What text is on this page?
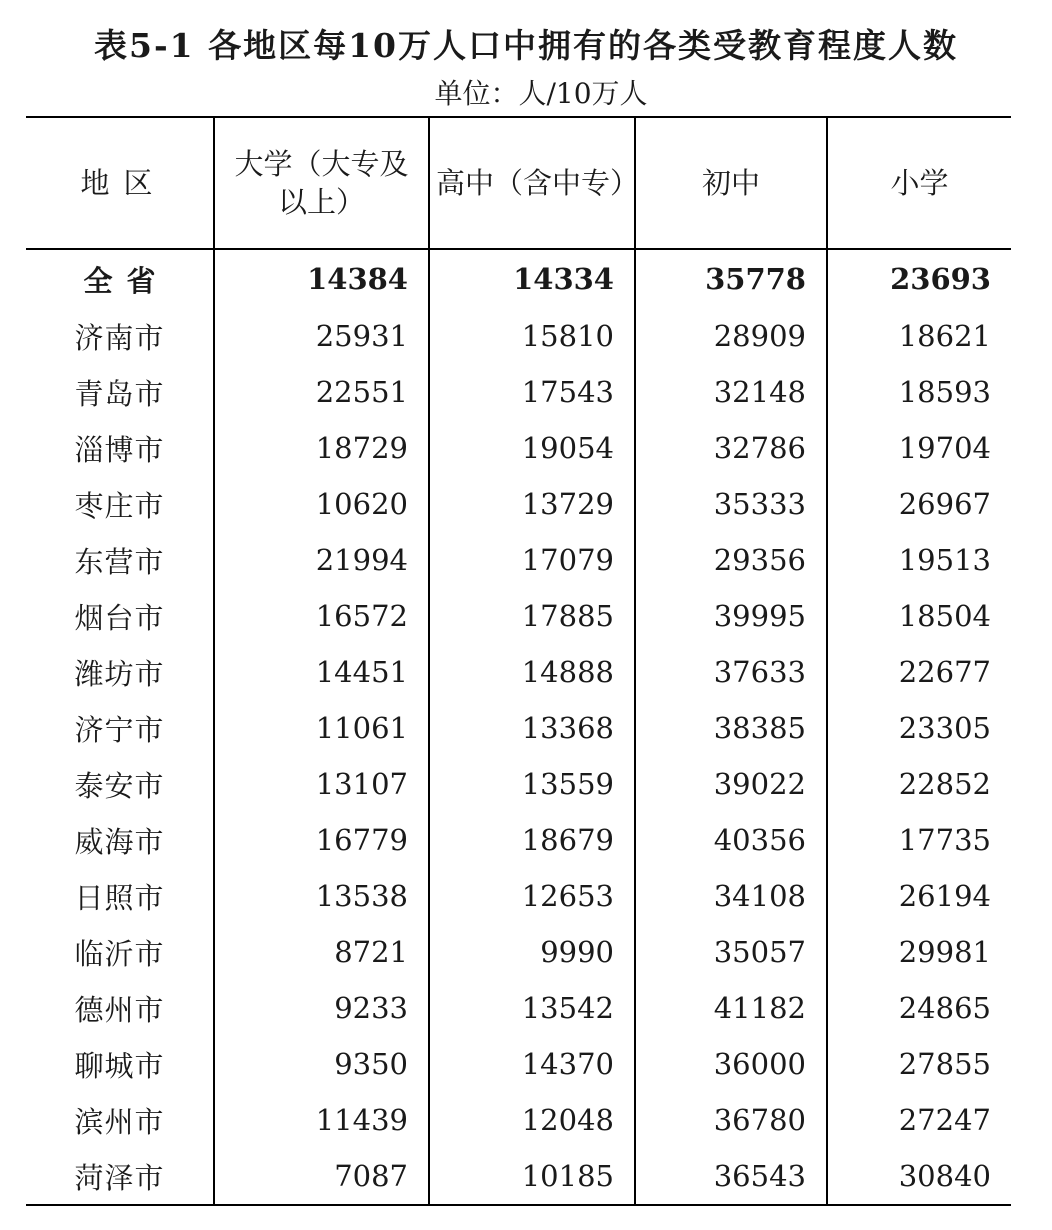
表5-1 各地区每10万人口中拥有的各类受教育程度人数
单位：人/10万人
地区	大学（大专及以上）	高中（含中专）	初中	小学
全省	14384	14334	35778	23693
济南市	25931	15810	28909	18621
青岛市	22551	17543	32148	18593
淄博市	18729	19054	32786	19704
枣庄市	10620	13729	35333	26967
东营市	21994	17079	29356	19513
烟台市	16572	17885	39995	18504
潍坊市	14451	14888	37633	22677
济宁市	11061	13368	38385	23305
泰安市	13107	13559	39022	22852
威海市	16779	18679	40356	17735
日照市	13538	12653	34108	26194
临沂市	8721	9990	35057	29981
德州市	9233	13542	41182	24865
聊城市	9350	14370	36000	27855
滨州市	11439	12048	36780	27247
菏泽市	7087	10185	36543	30840
